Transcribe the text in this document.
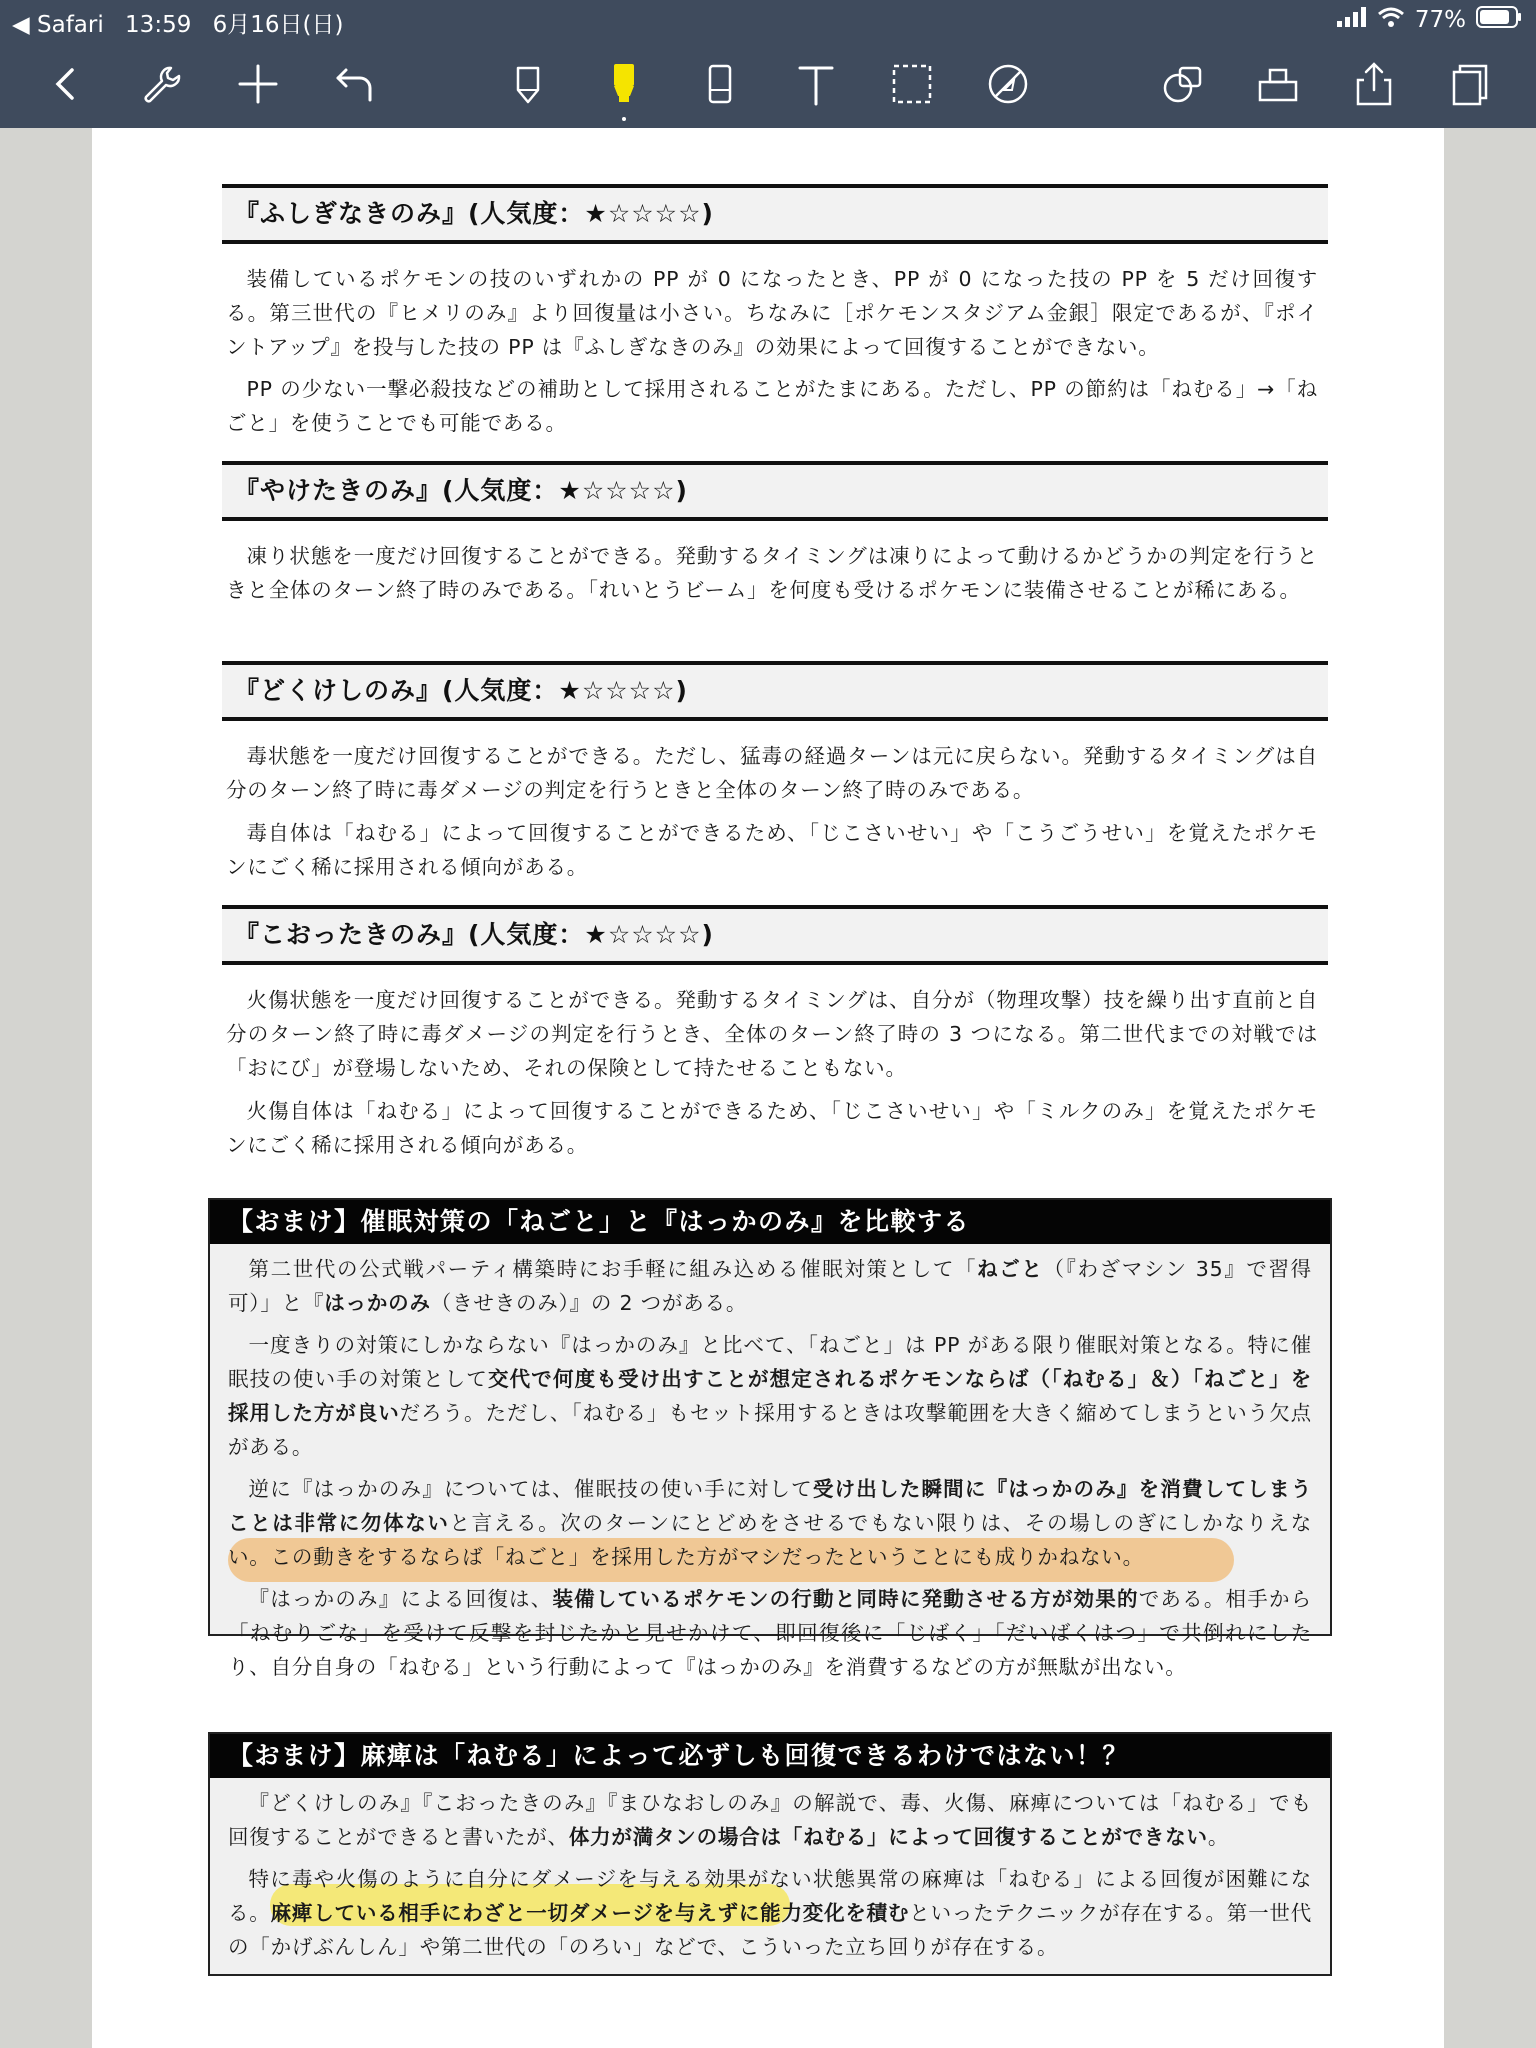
◀ Safari 13:59 6月16日(日)	77%
『ふしぎなきのみ』(人気度：★☆☆☆☆)

装備しているポケモンの技のいずれかの PP が 0 になったとき、PP が 0 になった技の PP を 5 だけ回復する。第三世代の『ヒメリのみ』より回復量は小さい。ちなみに［ポケモンスタジアム金銀］限定であるが、『ポイントアップ』を投与した技の PP は『ふしぎなきのみ』の効果によって回復することができない。

PP の少ない一撃必殺技などの補助として採用されることがたまにある。ただし、PP の節約は「ねむる」→「ねごと」を使うことでも可能である。

『やけたきのみ』(人気度：★☆☆☆☆)

凍り状態を一度だけ回復することができる。発動するタイミングは凍りによって動けるかどうかの判定を行うときと全体のターン終了時のみである。「れいとうビーム」を何度も受けるポケモンに装備させることが稀にある。

『どくけしのみ』(人気度：★☆☆☆☆)

毒状態を一度だけ回復することができる。ただし、猛毒の経過ターンは元に戻らない。発動するタイミングは自分のターン終了時に毒ダメージの判定を行うときと全体のターン終了時のみである。

毒自体は「ねむる」によって回復することができるため、「じこさいせい」や「こうごうせい」を覚えたポケモンにごく稀に採用される傾向がある。

『こおったきのみ』(人気度：★☆☆☆☆)

火傷状態を一度だけ回復することができる。発動するタイミングは、自分が（物理攻撃）技を繰り出す直前と自分のターン終了時に毒ダメージの判定を行うとき、全体のターン終了時の 3 つになる。第二世代までの対戦では「おにび」が登場しないため、それの保険として持たせることもない。

火傷自体は「ねむる」によって回復することができるため、「じこさいせい」や「ミルクのみ」を覚えたポケモンにごく稀に採用される傾向がある。

【おまけ】催眠対策の「ねごと」と『はっかのみ』を比較する

第二世代の公式戦パーティ構築時にお手軽に組み込める催眠対策として「ねごと（『わざマシン 35』で習得可）」と『はっかのみ（きせきのみ）』の 2 つがある。

一度きりの対策にしかならない『はっかのみ』と比べて、「ねごと」は PP がある限り催眠対策となる。特に催眠技の使い手の対策として交代で何度も受け出すことが想定されるポケモンならば（「ねむる」＆）「ねごと」を採用した方が良いだろう。ただし、「ねむる」もセット採用するときは攻撃範囲を大きく縮めてしまうという欠点がある。

逆に『はっかのみ』については、催眠技の使い手に対して受け出した瞬間に『はっかのみ』を消費してしまうことは非常に勿体ないと言える。次のターンにとどめをさせるでもない限りは、その場しのぎにしかなりえない。この動きをするならば「ねごと」を採用した方がマシだったということにも成りかねない。

『はっかのみ』による回復は、装備しているポケモンの行動と同時に発動させる方が効果的である。相手から「ねむりごな」を受けて反撃を封じたかと見せかけて、即回復後に「じばく」「だいばくはつ」で共倒れにしたり、自分自身の「ねむる」という行動によって『はっかのみ』を消費するなどの方が無駄が出ない。

【おまけ】麻痺は「ねむる」によって必ずしも回復できるわけではない！？

『どくけしのみ』『こおったきのみ』『まひなおしのみ』の解説で、毒、火傷、麻痺については「ねむる」でも回復することができると書いたが、体力が満タンの場合は「ねむる」によって回復することができない。

特に毒や火傷のように自分にダメージを与える効果がない状態異常の麻痺は「ねむる」による回復が困難になる。麻痺している相手にわざと一切ダメージを与えずに能力変化を積むといったテクニックが存在する。第一世代の「かげぶんしん」や第二世代の「のろい」などで、こういった立ち回りが存在する。
